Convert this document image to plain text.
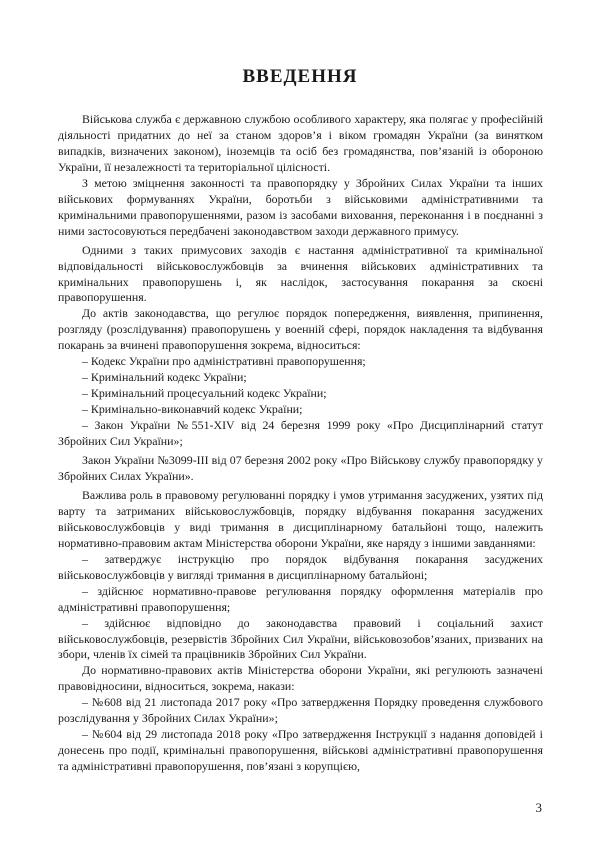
ВВЕДЕННЯ

Військова служба є державною службою особливого характеру, яка полягає у професійній діяльності придатних до неї за станом здоров’я і віком громадян України (за винятком випадків, визначених законом), іноземців та осіб без громадянства, пов’язаній із обороною України, її незалежності та територіальної цілісності.

З метою зміцнення законності та правопорядку у Збройних Силах України та інших військових формуваннях України, боротьби з військовими адміністративними та кримінальними правопорушеннями, разом із засобами виховання, переконання і в поєднанні з ними застосовуються передбачені законодавством заходи державного примусу.

Одними з таких примусових заходів є настання адміністративної та кримінальної відповідальності військовослужбовців за вчинення військових адміністративних та кримінальних правопорушень і, як наслідок, застосування покарання за скоєні правопорушення.

До актів законодавства, що регулює порядок попередження, виявлення, припинення, розгляду (розслідування) правопорушень у военній сфері, порядок накладення та відбування покарань за вчинені правопорушення зокрема, відноситься:

– Кодекс України про адміністративні правопорушення;

– Кримінальний кодекс України;

– Кримінальний процесуальний кодекс України;

– Кримінально-виконавчий кодекс України;

– Закон України №551-XIV від 24 березня 1999 року «Про Дисциплінарний статут Збройних Сил України»;

Закон України №3099-III від 07 березня 2002 року «Про Військову службу правопорядку у Збройних Силах України».

Важлива роль в правовому регулюванні порядку і умов утримання засуджених, узятих під варту та затриманих військовослужбовців, порядку відбування покарання засуджених військовослужбовців у виді тримання в дисциплінарному батальйоні тощо, належить нормативно-правовим актам Міністерства оборони України, яке наряду з іншими завданнями:

– затверджує інструкцію про порядок відбування покарання засуджених військовослужбовців у вигляді тримання в дисциплінарному батальйоні;

– здійснює нормативно-правове регулювання порядку оформлення матеріалів про адміністративні правопорушення;

– здійснює відповідно до законодавства правовий і соціальний захист військовослужбовців, резервістів Збройних Сил України, військовозобов’язаних, призваних на збори, членів їх сімей та працівників Збройних Сил України.

До нормативно-правових актів Міністерства оборони України, які регулюють зазначені правовідносини, відноситься, зокрема, накази:

– №608 від 21 листопада 2017 року «Про затвердження Порядку проведення службового розслідування у Збройних Силах України»;

– №604 від 29 листопада 2018 року «Про затвердження Інструкції з надання доповідей і донесень про події, кримінальні правопорушення, військові адміністративні правопорушення та адміністративні правопорушення, пов’язані з корупцією,

3
